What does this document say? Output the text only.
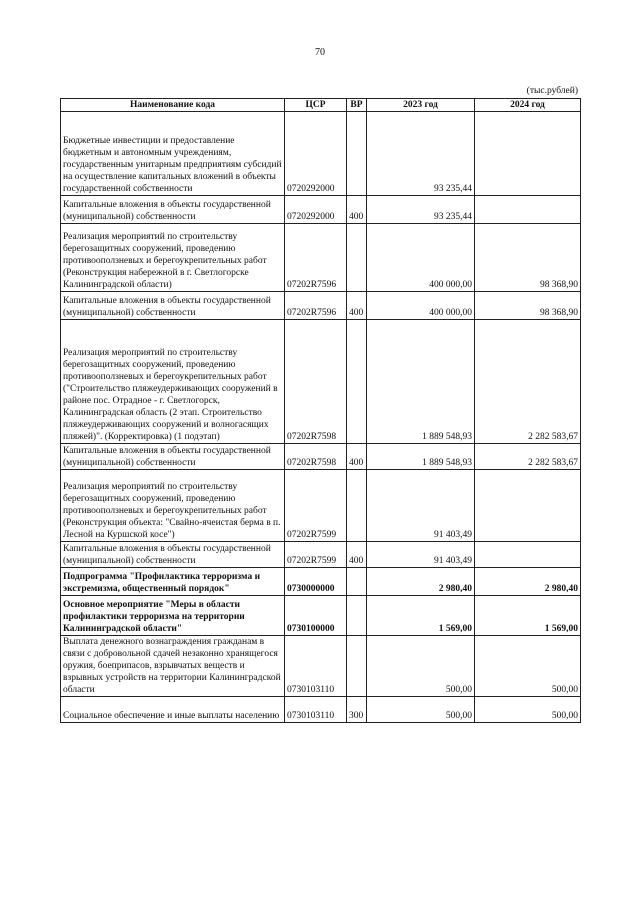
70
(тыс.рублей)
Наименование кода	ЦСР	ВР	2023 год	2024 год
Бюджетные инвестиции и предоставление бюджетным и автономным учреждениям, государственным унитарным предприятиям субсидий на осуществление капитальных вложений в объекты государственной собственности	0720292000		93 235,44	
Капитальные вложения в объекты государственной (муниципальной) собственности	0720292000	400	93 235,44	
Реализация мероприятий по строительству берегозащитных сооружений, проведению противооползневых и берегоукрепительных работ (Реконструкция набережной в г. Светлогорске Калининградской области)	07202R7596		400 000,00	98 368,90
Капитальные вложения в объекты государственной (муниципальной) собственности	07202R7596	400	400 000,00	98 368,90
Реализация мероприятий по строительству берегозащитных сооружений, проведению противооползневых и берегоукрепительных работ ("Строительство пляжеудерживающих сооружений в районе пос. Отрадное - г. Светлогорск, Калининградская область (2 этап. Строительство пляжеудерживающих сооружений и волногасящих пляжей)". (Корректировка) (1 подэтап)	07202R7598		1 889 548,93	2 282 583,67
Капитальные вложения в объекты государственной (муниципальной) собственности	07202R7598	400	1 889 548,93	2 282 583,67
Реализация мероприятий по строительству берегозащитных сооружений, проведению противооползневых и берегоукрепительных работ (Реконструкция объекта: "Свайно-ячеистая берма в п. Лесной на Куршской косе")	07202R7599		91 403,49	
Капитальные вложения в объекты государственной (муниципальной) собственности	07202R7599	400	91 403,49	
Подпрограмма "Профилактика терроризма и экстремизма, общественный порядок"	0730000000		2 980,40	2 980,40
Основное мероприятие "Меры в области профилактики терроризма на территории Калининградской области"	0730100000		1 569,00	1 569,00
Выплата денежного вознаграждения гражданам в связи с добровольной сдачей незаконно хранящегося оружия, боеприпасов, взрывчатых веществ и взрывных устройств на территории Калининградской области	0730103110		500,00	500,00
Социальное обеспечение и иные выплаты населению	0730103110	300	500,00	500,00
